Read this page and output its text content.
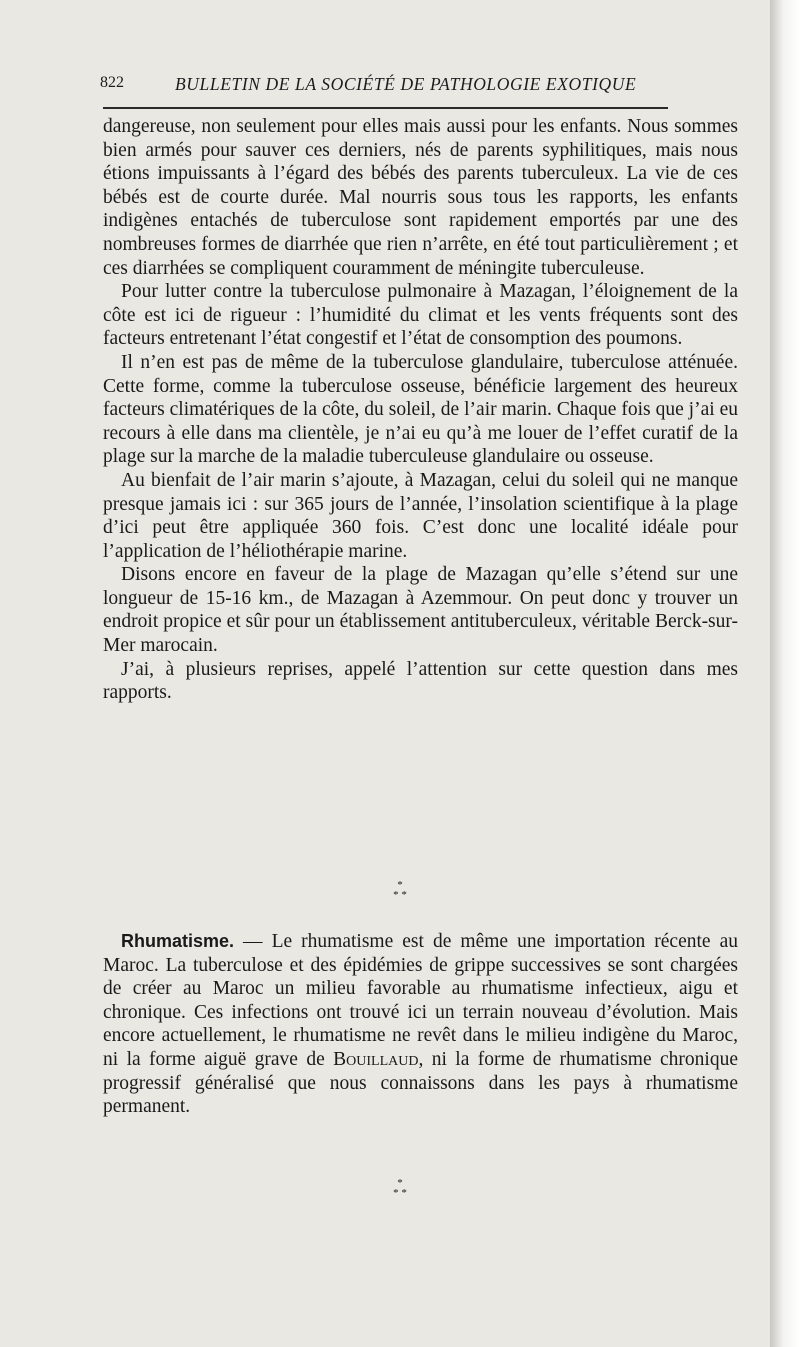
822	BULLETIN DE LA SOCIÉTÉ DE PATHOLOGIE EXOTIQUE

dangereuse, non seulement pour elles mais aussi pour les enfants. Nous sommes bien armés pour sauver ces derniers, nés de parents syphilitiques, mais nous étions impuissants à l’égard des bébés des parents tuberculeux. La vie de ces bébés est de courte durée. Mal nourris sous tous les rapports, les enfants indigènes entachés de tuberculose sont rapidement emportés par une des nombreuses formes de diarrhée que rien n’arrête, en été tout particulièrement ; et ces diarrhées se compliquent couramment de méningite tuberculeuse.

Pour lutter contre la tuberculose pulmonaire à Mazagan, l’éloignement de la côte est ici de rigueur : l’humidité du climat et les vents fréquents sont des facteurs entretenant l’état congestif et l’état de consomption des poumons.

Il n’en est pas de même de la tuberculose glandulaire, tuberculose atténuée. Cette forme, comme la tuberculose osseuse, bénéficie largement des heureux facteurs climatériques de la côte, du soleil, de l’air marin. Chaque fois que j’ai eu recours à elle dans ma clientèle, je n’ai eu qu’à me louer de l’effet curatif de la plage sur la marche de la maladie tuberculeuse glandulaire ou osseuse.

Au bienfait de l’air marin s’ajoute, à Mazagan, celui du soleil qui ne manque presque jamais ici : sur 365 jours de l’année, l’insolation scientifique à la plage d’ici peut être appliquée 360 fois. C’est donc une localité idéale pour l’application de l’héliothérapie marine.

Disons encore en faveur de la plage de Mazagan qu’elle s’étend sur une longueur de 15-16 km., de Mazagan à Azemmour. On peut donc y trouver un endroit propice et sûr pour un établissement antituberculeux, véritable Berck-sur-Mer marocain.

J’ai, à plusieurs reprises, appelé l’attention sur cette question dans mes rapports.

*
* *

Rhumatisme. — Le rhumatisme est de même une importation récente au Maroc. La tuberculose et des épidémies de grippe successives se sont chargées de créer au Maroc un milieu favorable au rhumatisme infectieux, aigu et chronique. Ces infections ont trouvé ici un terrain nouveau d’évolution. Mais encore actuellement, le rhumatisme ne revêt dans le milieu indigène du Maroc, ni la forme aiguë grave de Bouillaud, ni la forme de rhumatisme chronique progressif généralisé que nous connaissons dans les pays à rhumatisme permanent.

*
* *
